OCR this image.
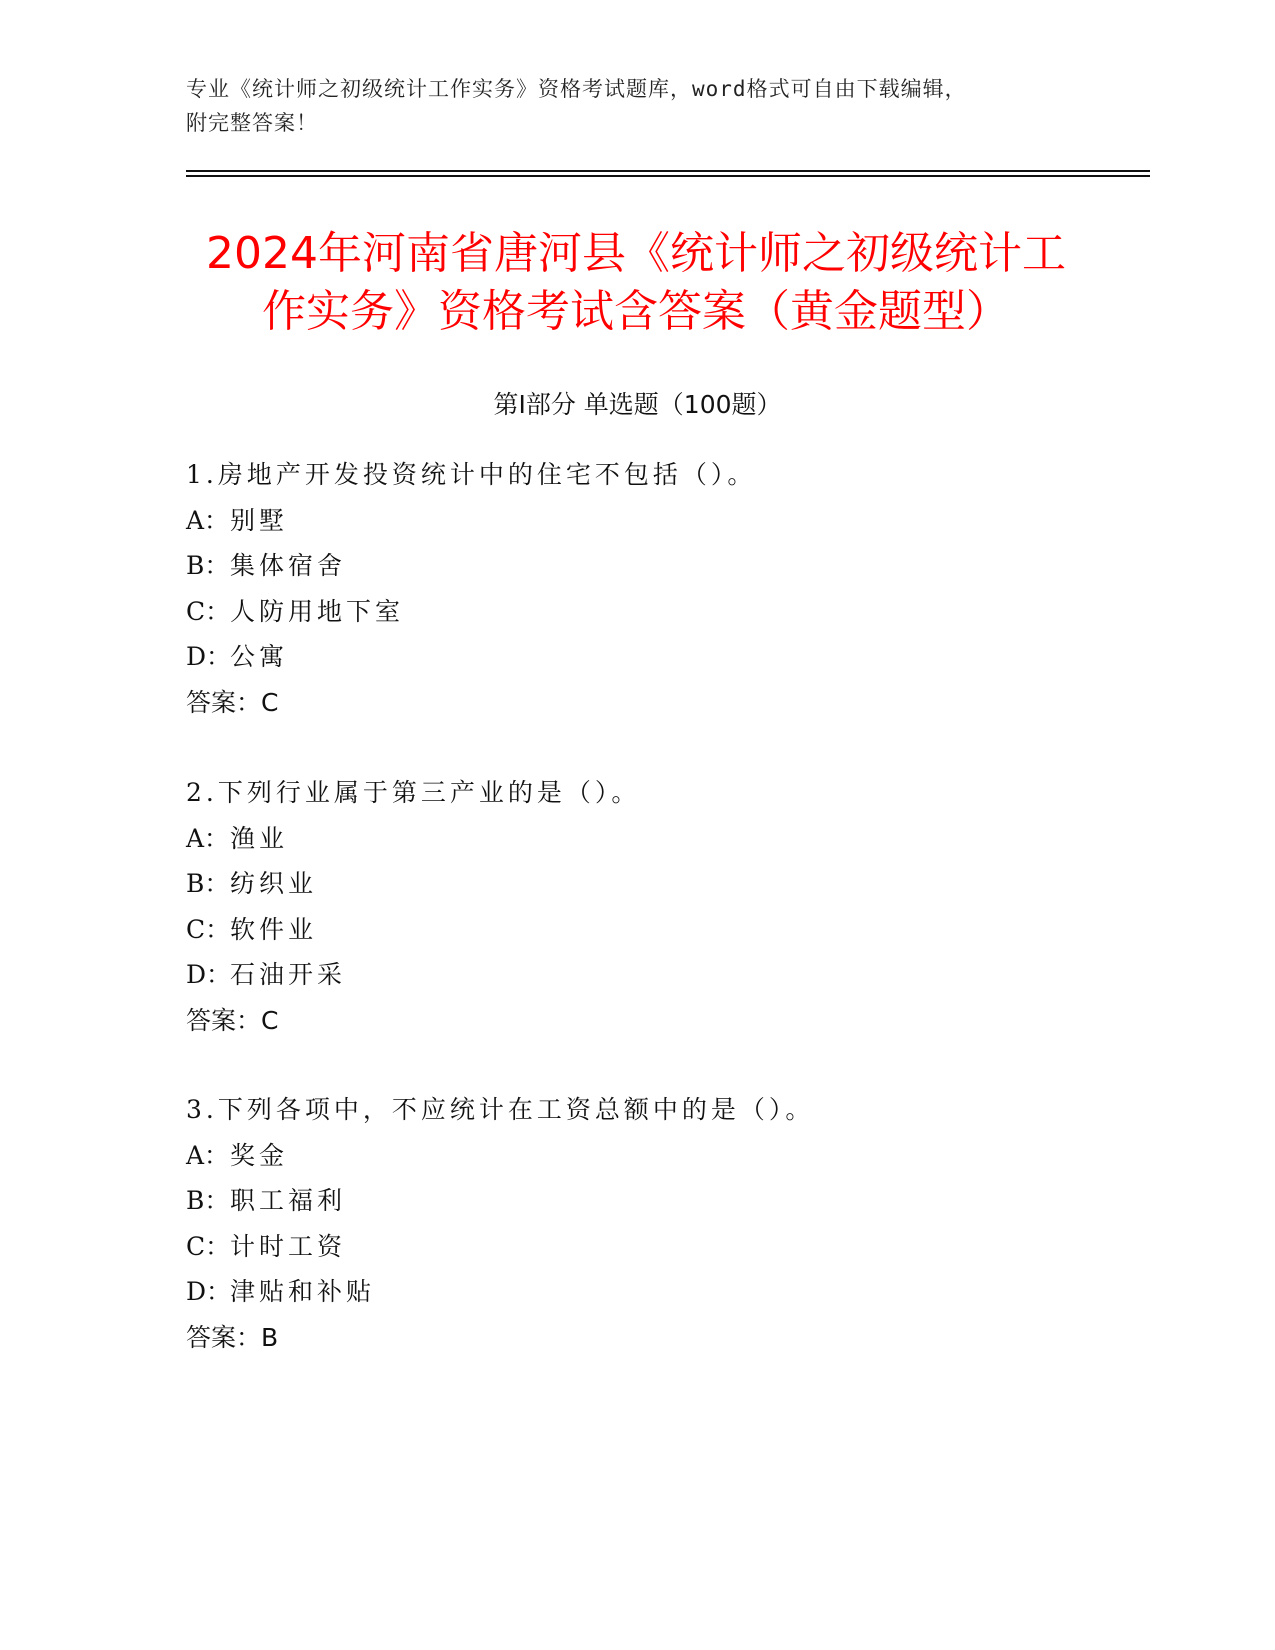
专业《统计师之初级统计工作实务》资格考试题库，word格式可自由下载编辑，
附完整答案！
2024年河南省唐河县《统计师之初级统计工
作实务》资格考试含答案（黄金题型）
第Ⅰ部分 单选题（100题）
1.房地产开发投资统计中的住宅不包括（）。
A：别墅
B：集体宿舍
C：人防用地下室
D：公寓
答案：C
2.下列行业属于第三产业的是（）。
A：渔业
B：纺织业
C：软件业
D：石油开采
答案：C
3.下列各项中，不应统计在工资总额中的是（）。
A：奖金
B：职工福利
C：计时工资
D：津贴和补贴
答案：B
